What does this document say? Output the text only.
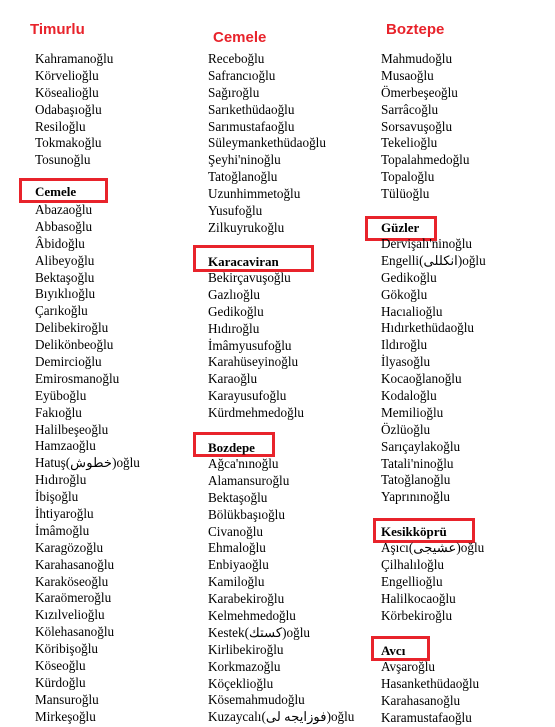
Timurlu
Kahramanoğlu
Körvelioğlu
Kösealioğlu
Odabaşıoğlu
Resiloğlu
Tokmakoğlu
Tosunoğlu
Cemele
Abazaoğlu
Abbasoğlu
Âbidoğlu
Alibeyoğlu
Bektaşoğlu
Bıyıklıoğlu
Çarıkoğlu
Delibekiroğlu
Delikönbeoğlu
Demircioğlu
Emirosmanoğlu
Eyüboğlu
Fakıoğlu
Halilbeşeoğlu
Hamzaoğlu
Hatuş(خطوش)oğlu
Hıdıroğlu
İbişoğlu
İhtiyaroğlu
İmâmoğlu
Karagözoğlu
Karahasanoğlu
Karaköseoğlu
Karaömeroğlu
Kızılvelioğlu
Kölehasanoğlu
Köribişoğlu
Köseoğlu
Kürdoğlu
Mansuroğlu
Mirkeşoğlu
Cemele
Receboğlu
Safrancıoğlu
Sağıroğlu
Sarıkethüdaoğlu
Sarımustafaoğlu
Süleymankethüdaoğlu
Şeyhi'ninoğlu
Tatoğlanoğlu
Uzunhimmetoğlu
Yusufoğlu
Zilkuyrukoğlu
Karacaviran
Bekirçavuşoğlu
Gazlıoğlu
Gedikoğlu
Hıdıroğlu
İmâmyusufoğlu
Karahüseyinoğlu
Karaoğlu
Karayusufoğlu
Kürdmehmedoğlu
Bozdepe
Ağca'nınoğlu
Alamansuroğlu
Bektaşoğlu
Bölükbaşıoğlu
Civanoğlu
Ehmaloğlu
Enbiyaoğlu
Kamiloğlu
Karabekiroğlu
Kelmehmedoğlu
Kestek(كستك)oğlu
Kirlibekiroğlu
Korkmazoğlu
Köçeklioğlu
Kösemahmudoğlu
Kuzaycalı(فوزايجه لى)oğlu
Boztepe
Mahmudoğlu
Musaoğlu
Ömerbeşeoğlu
Sarrâcoğlu
Sorsavuşoğlu
Tekelioğlu
Topalahmedoğlu
Topaloğlu
Tülüoğlu
Güzler
Dervişalı'ninoğlu
Engelli(انكللى)oğlu
Gedikoğlu
Gökoğlu
Hacıalioğlu
Hıdırkethüdaoğlu
Ildıroğlu
İlyasoğlu
Kocaoğlanoğlu
Kodaloğlu
Memilioğlu
Özlüoğlu
Sarıçaylakoğlu
Tatali'ninoğlu
Tatoğlanoğlu
Yaprınınoğlu
Kesikköprü
Aşıcı(عشيجى)oğlu
Çilhalıloğlu
Engellioğlu
Halilkocaoğlu
Körbekiroğlu
Avcı
Avşaroğlu
Hasankethüdaoğlu
Karahasanoğlu
Karamustafaoğlu
